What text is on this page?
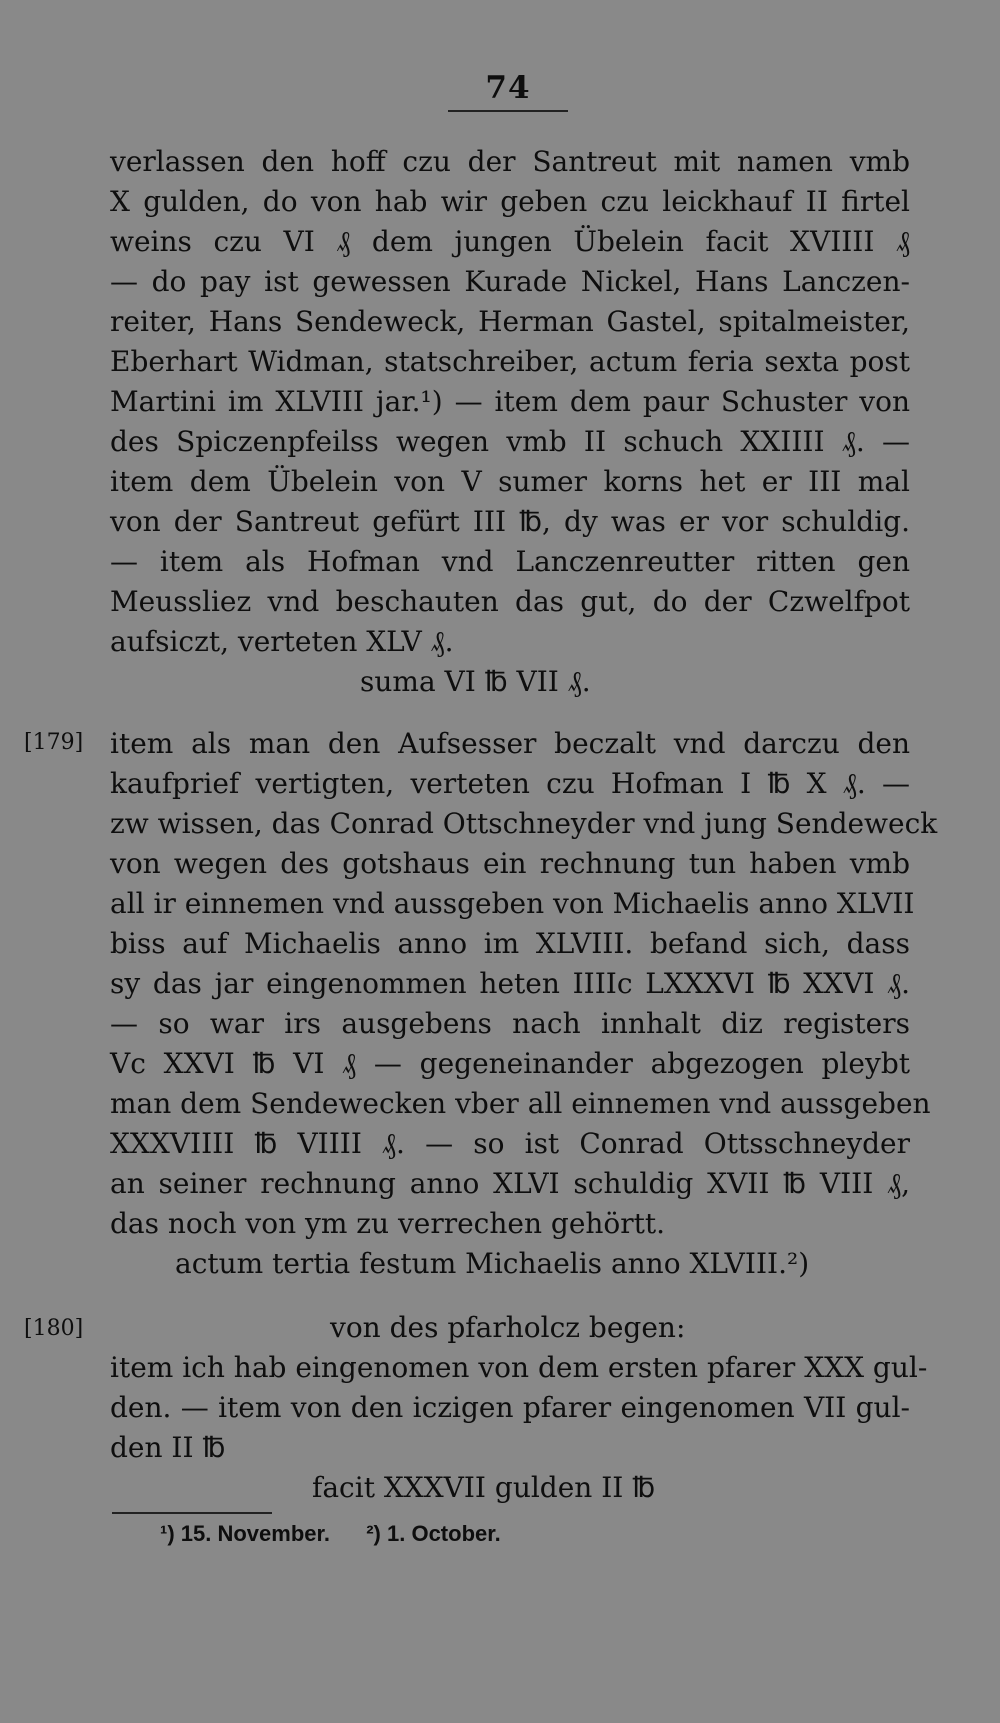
74
verlassen den hoff czu der Santreut mit namen vmb
X gulden, do von hab wir geben czu leickhauf II firtel
weins czu VI ₰ dem jungen Übelein facit XVIIII ₰
— do pay ist gewessen Kurade Nickel, Hans Lanczen-
reiter, Hans Sendeweck, Herman Gastel, spitalmeister,
Eberhart Widman, statschreiber, actum feria sexta post
Martini im XLVIII jar.¹) — item dem paur Schuster von
des Spiczenpfeilss wegen vmb II schuch XXIIII ₰. —
item dem Übelein von V sumer korns het er III mal
von der Santreut gefürt III ℔, dy was er vor schuldig.
— item als Hofman vnd Lanczenreutter ritten gen
Meussliez vnd beschauten das gut, do der Czwelfpot
aufsiczt, verteten XLV ₰.
suma VI ℔ VII ₰.
[179] item als man den Aufsesser beczalt vnd darczu den
kaufprief vertigten, verteten czu Hofman I ℔ X ₰. —
zw wissen, das Conrad Ottschneyder vnd jung Sendeweck
von wegen des gotshaus ein rechnung tun haben vmb
all ir einnemen vnd aussgeben von Michaelis anno XLVII
biss auf Michaelis anno im XLVIII. befand sich, dass
sy das jar eingenommen heten IIIIc LXXXVI ℔ XXVI ₰.
— so war irs ausgebens nach innhalt diz registers
Vc XXVI ℔ VI ₰ — gegeneinander abgezogen pleybt
man dem Sendewecken vber all einnemen vnd aussgeben
XXXVIIII ℔ VIIII ₰. — so ist Conrad Ottsschneyder
an seiner rechnung anno XLVI schuldig XVII ℔ VIII ₰,
das noch von ym zu verrechen gehörtt.
actum tertia festum Michaelis anno XLVIII.²)
[180]	von des pfarholcz begen:
item ich hab eingenomen von dem ersten pfarer XXX gul-
den. — item von den iczigen pfarer eingenomen VII gul-
den II ℔
facit XXXVII gulden II ℔
¹) 15. November. ²) 1. October.
